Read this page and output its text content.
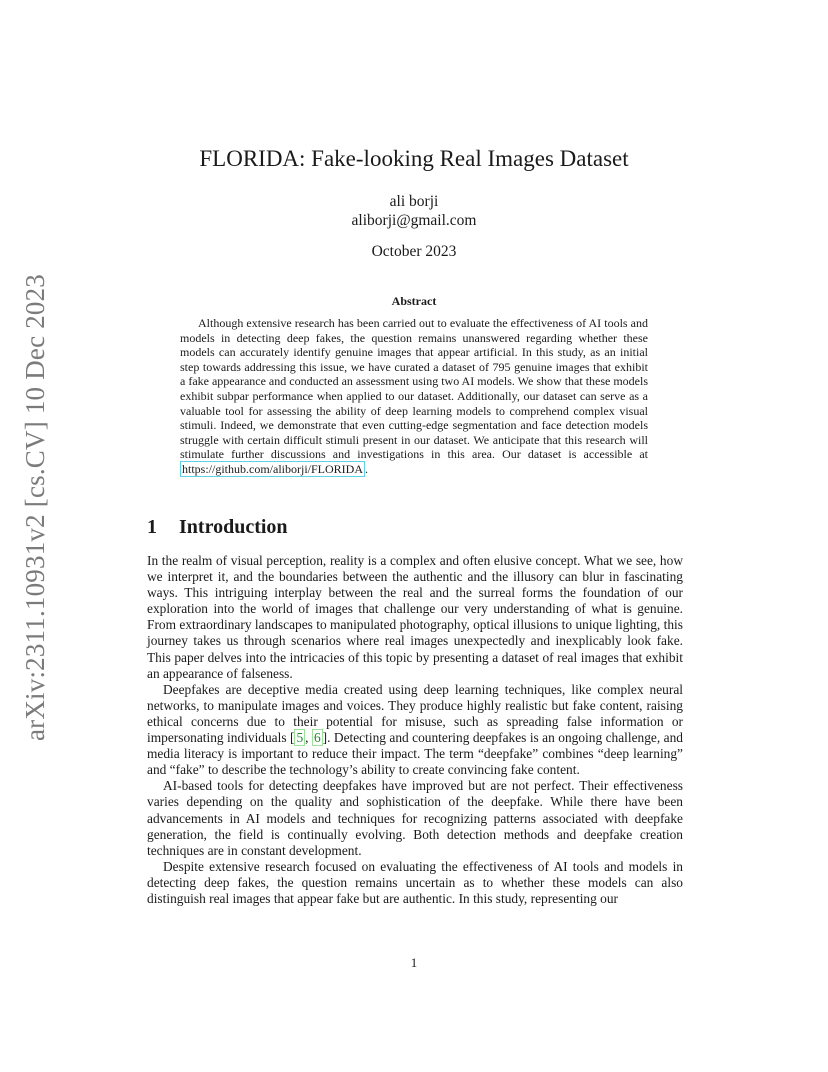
arXiv:2311.10931v2 [cs.CV] 10 Dec 2023
FLORIDA: Fake-looking Real Images Dataset
ali borji
aliborji@gmail.com
October 2023
Abstract
Although extensive research has been carried out to evaluate the effectiveness of AI tools and models in detecting deep fakes, the question remains unanswered regarding whether these models can accurately identify genuine images that appear artificial. In this study, as an initial step towards addressing this issue, we have curated a dataset of 795 genuine images that exhibit a fake appearance and conducted an assessment using two AI models. We show that these models exhibit subpar performance when applied to our dataset. Additionally, our dataset can serve as a valuable tool for assessing the ability of deep learning models to comprehend complex visual stimuli. Indeed, we demonstrate that even cutting-edge segmentation and face detection models struggle with certain difficult stimuli present in our dataset. We anticipate that this research will stimulate further discussions and investigations in this area. Our dataset is accessible at https://github.com/aliborji/FLORIDA .
1 Introduction

In the realm of visual perception, reality is a complex and often elusive concept. What we see, how we interpret it, and the boundaries between the authentic and the illusory can blur in fascinating ways. This intriguing interplay between the real and the surreal forms the foundation of our exploration into the world of images that challenge our very understanding of what is genuine. From extraordinary landscapes to manipulated photography, optical illusions to unique lighting, this journey takes us through scenarios where real images unexpectedly and inexplicably look fake. This paper delves into the intricacies of this topic by presenting a dataset of real images that exhibit an appearance of falseness.

Deepfakes are deceptive media created using deep learning techniques, like complex neural networks, to manipulate images and voices. They produce highly realistic but fake content, raising ethical concerns due to their potential for misuse, such as spreading false information or impersonating individuals [ 5 , 6 ]. Detecting and countering deepfakes is an ongoing challenge, and media literacy is important to reduce their impact. The term “deepfake” combines “deep learning” and “fake” to describe the technology’s ability to create convincing fake content.

AI-based tools for detecting deepfakes have improved but are not perfect. Their effectiveness varies depending on the quality and sophistication of the deepfake. While there have been advancements in AI models and techniques for recognizing patterns associated with deepfake generation, the field is continually evolving. Both detection methods and deepfake creation techniques are in constant development.

Despite extensive research focused on evaluating the effectiveness of AI tools and models in detecting deep fakes, the question remains uncertain as to whether these models can also distinguish real images that appear fake but are authentic. In this study, representing our

1
